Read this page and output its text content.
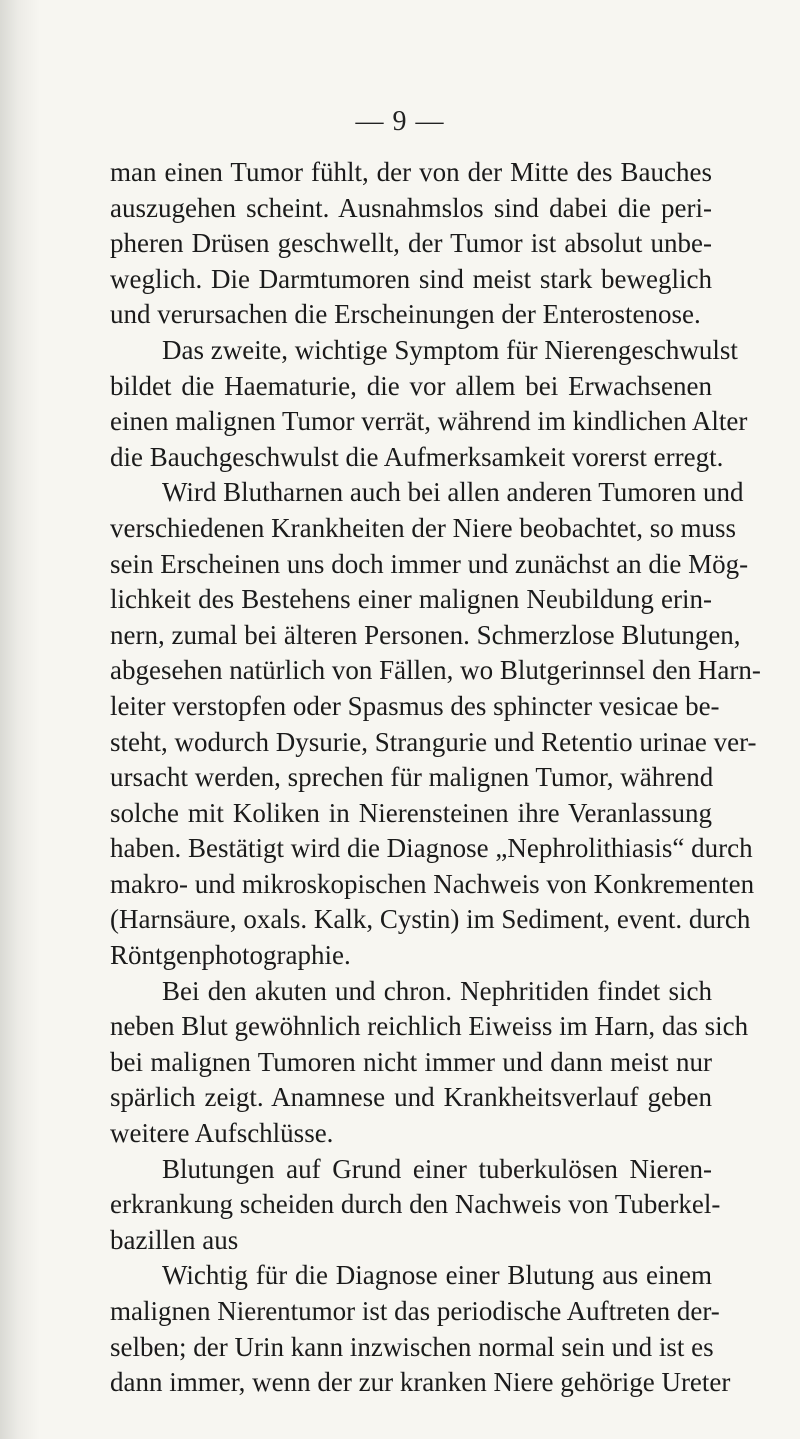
— 9 —
man einen Tumor fühlt, der von der Mitte des Bauches
auszugehen scheint. Ausnahmslos sind dabei die peri-
pheren Drüsen geschwellt, der Tumor ist absolut unbe-
weglich. Die Darmtumoren sind meist stark beweglich
und verursachen die Erscheinungen der Enterostenose.
Das zweite, wichtige Symptom für Nierengeschwulst
bildet die Haematurie, die vor allem bei Erwachsenen
einen malignen Tumor verrät, während im kindlichen Alter
die Bauchgeschwulst die Aufmerksamkeit vorerst erregt.
Wird Blutharnen auch bei allen anderen Tumoren und
verschiedenen Krankheiten der Niere beobachtet, so muss
sein Erscheinen uns doch immer und zunächst an die Mög-
lichkeit des Bestehens einer malignen Neubildung erin-
nern, zumal bei älteren Personen. Schmerzlose Blutungen,
abgesehen natürlich von Fällen, wo Blutgerinnsel den Harn-
leiter verstopfen oder Spasmus des sphincter vesicae be-
steht, wodurch Dysurie, Strangurie und Retentio urinae ver-
ursacht werden, sprechen für malignen Tumor, während
solche mit Koliken in Nierensteinen ihre Veranlassung
haben. Bestätigt wird die Diagnose „Nephrolithiasis“ durch
makro- und mikroskopischen Nachweis von Konkrementen
(Harnsäure, oxals. Kalk, Cystin) im Sediment, event. durch
Röntgenphotographie.
Bei den akuten und chron. Nephritiden findet sich
neben Blut gewöhnlich reichlich Eiweiss im Harn, das sich
bei malignen Tumoren nicht immer und dann meist nur
spärlich zeigt. Anamnese und Krankheitsverlauf geben
weitere Aufschlüsse.
Blutungen auf Grund einer tuberkulösen Nieren-
erkrankung scheiden durch den Nachweis von Tuberkel-
bazillen aus
Wichtig für die Diagnose einer Blutung aus einem
malignen Nierentumor ist das periodische Auftreten der-
selben; der Urin kann inzwischen normal sein und ist es
dann immer, wenn der zur kranken Niere gehörige Ureter
